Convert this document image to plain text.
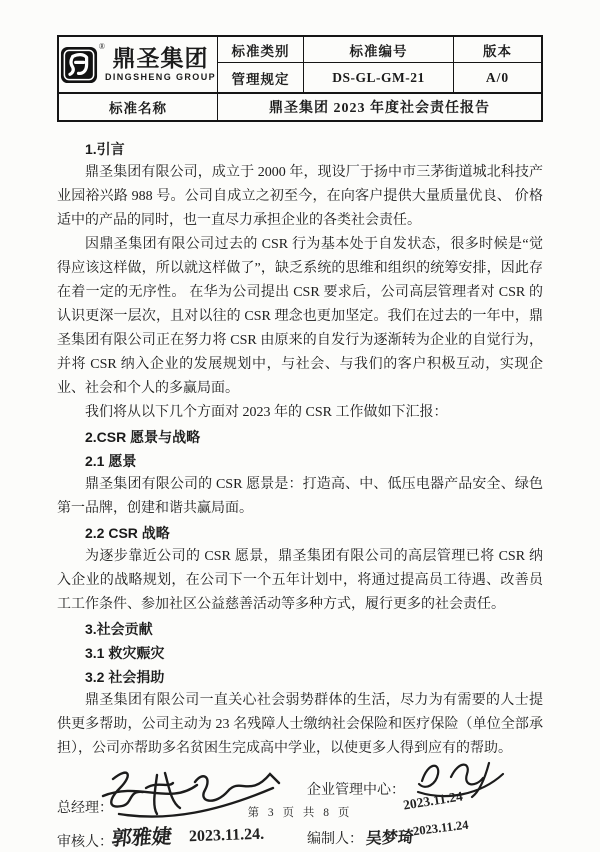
® 鼎圣集团
DINGSHENG GROUP
标准类别	标准编号	版本
管理规定	DS-GL-GM-21	A/0
标准名称	鼎圣集团 2023 年度社会责任报告
1.引言
鼎圣集团有限公司，成立于 2000 年，现设厂于扬中市三茅街道城北科技产业园裕兴路 988 号。公司自成立之初至今，在向客户提供大量质量优良、 价格适中的产品的同时，也一直尽力承担企业的各类社会责任。
因鼎圣集团有限公司过去的 CSR 行为基本处于自发状态，很多时候是“觉得应该这样做，所以就这样做了”，缺乏系统的思维和组织的统筹安排，因此存在着一定的无序性。 在华为公司提出 CSR 要求后，公司高层管理者对 CSR 的认识更深一层次，且对以往的 CSR 理念也更加坚定。我们在过去的一年中，鼎圣集团有限公司正在努力将 CSR 由原来的自发行为逐渐转为企业的自觉行为，并将 CSR 纳入企业的发展规划中，与社会、与我们的客户积极互动，实现企业、社会和个人的多赢局面。
我们将从以下几个方面对 2023 年的 CSR 工作做如下汇报：
2.CSR 愿景与战略
2.1 愿景
鼎圣集团有限公司的 CSR 愿景是：打造高、中、低压电器产品安全、绿色第一品牌，创建和谐共赢局面。
2.2 CSR 战略
为逐步靠近公司的 CSR 愿景，鼎圣集团有限公司的高层管理已将 CSR 纳入企业的战略规划，在公司下一个五年计划中，将通过提高员工待遇、改善员工工作条件、参加社区公益慈善活动等多种方式，履行更多的社会责任。
3.社会贡献
3.1 救灾赈灾
3.2 社会捐助
鼎圣集团有限公司一直关心社会弱势群体的生活，尽力为有需要的人士提供更多帮助，公司主动为 23 名残障人士缴纳社会保险和医疗保险（单位全部承担），公司亦帮助多名贫困生完成高中学业，以使更多人得到应有的帮助。
总经理：
企业管理中心：
2023.11.24
审核人：
郭雅婕 2023.11.24.	编制人： 吴梦琦
2023.11.24
第 3 页 共 8 页
